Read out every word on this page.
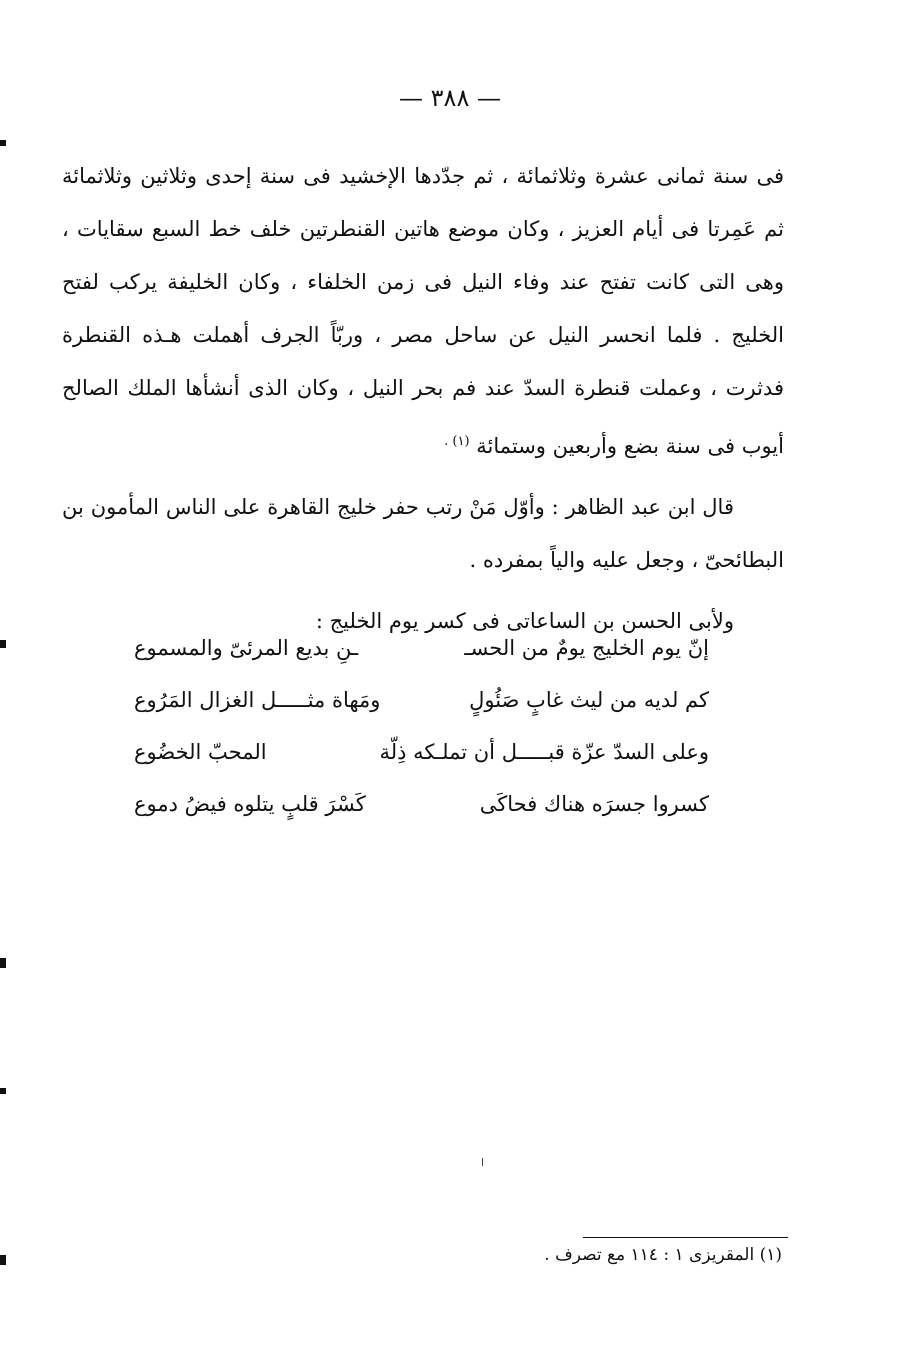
— ٣٨٨ —

فى سنة ثمانى عشرة وثلاثمائة ، ثم جدّدها الإخشيد فى سنة إحدى وثلاثين وثلاثمائة ثم عَمِرتا فى أيام العزيز ، وكان موضع هاتين القنطرتين خلف خط السبع سقايات ، وهى التى كانت تفتح عند وفاء النيل فى زمن الخلفاء ، وكان الخليفة يركب لفتح الخليج . فلما انحسر النيل عن ساحل مصر ، وربّاً الجرف أهملت هـذه القنطرة فدثرت ، وعملت قنطرة السدّ عند فم بحر النيل ، وكان الذى أنشأها الملك الصالح أيوب فى سنة بضع وأربعين وستمائة $^{(١) .}$

قال ابن عبد الظاهر : وأوّل مَنْ رتب حفر خليج القاهرة على الناس المأمون بن البطائحىّ ، وجعل عليه والياً بمفرده .

ولأبى الحسن بن الساعاتى فى كسر يوم الخليج :

إنّ يوم الخليج يومٌ من الحسـ
ـنِ بديع المرئىّ والمسموع
كم لديه من ليث غابٍ صَئُولٍ
ومَهاة مثـــــل الغزال المَرُوع
وعلى السدّ عزّة قبـــــل أن تملـكه ذِلّة
المحبّ الخضُوع
كسروا جسرَه هناك فحاكَى
كَسْرَ قلبٍ يتلوه فيضُ دموع
(١) المقريزى ١ : ١١٤ مع تصرف .
